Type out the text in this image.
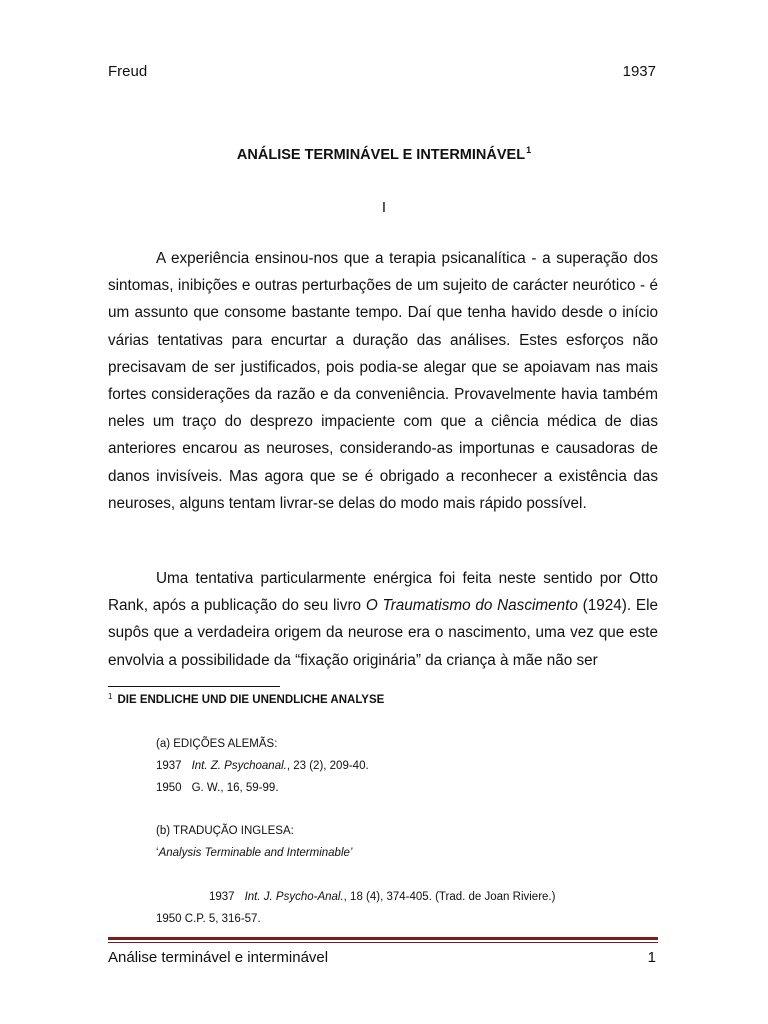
Freud	1937
ANÁLISE TERMINÁVEL E INTERMINÁVEL$^1$
I

A experiência ensinou-nos que a terapia psicanalítica - a superação dos sintomas, inibições e outras perturbações de um sujeito de carácter neurótico - é um assunto que consome bastante tempo. Daí que tenha havido desde o início várias tentativas para encurtar a duração das análises. Estes esforços não precisavam de ser justificados, pois podia-se alegar que se apoiavam nas mais fortes considerações da razão e da conveniência. Provavelmente havia também neles um traço do desprezo impaciente com que a ciência médica de dias anteriores encarou as neuroses, considerando-as importunas e causadoras de danos invisíveis. Mas agora que se é obrigado a reconhecer a existência das neuroses, alguns tentam livrar-se delas do modo mais rápido possível.

Uma tentativa particularmente enérgica foi feita neste sentido por Otto Rank, após a publicação do seu livro O Traumatismo do Nascimento (1924). Ele supôs que a verdadeira origem da neurose era o nascimento, uma vez que este envolvia a possibilidade da “fixação originária” da criança à mãe não ser

$^1$ DIE ENDLICHE UND DIE UNENDLICHE ANALYSE
(a) EDIÇÕES ALEMÃS:
1937 Int. Z. Psychoanal., 23 (2), 209-40.
1950 G. W., 16, 59-99.
(b) TRADUÇÃO INGLESA:
‘Analysis Terminable and Interminable’
1937 Int. J. Psycho-Anal., 18 (4), 374-405. (Trad. de Joan Riviere.)
1950 C.P. 5, 316-57.
Análise terminável e interminável	1
